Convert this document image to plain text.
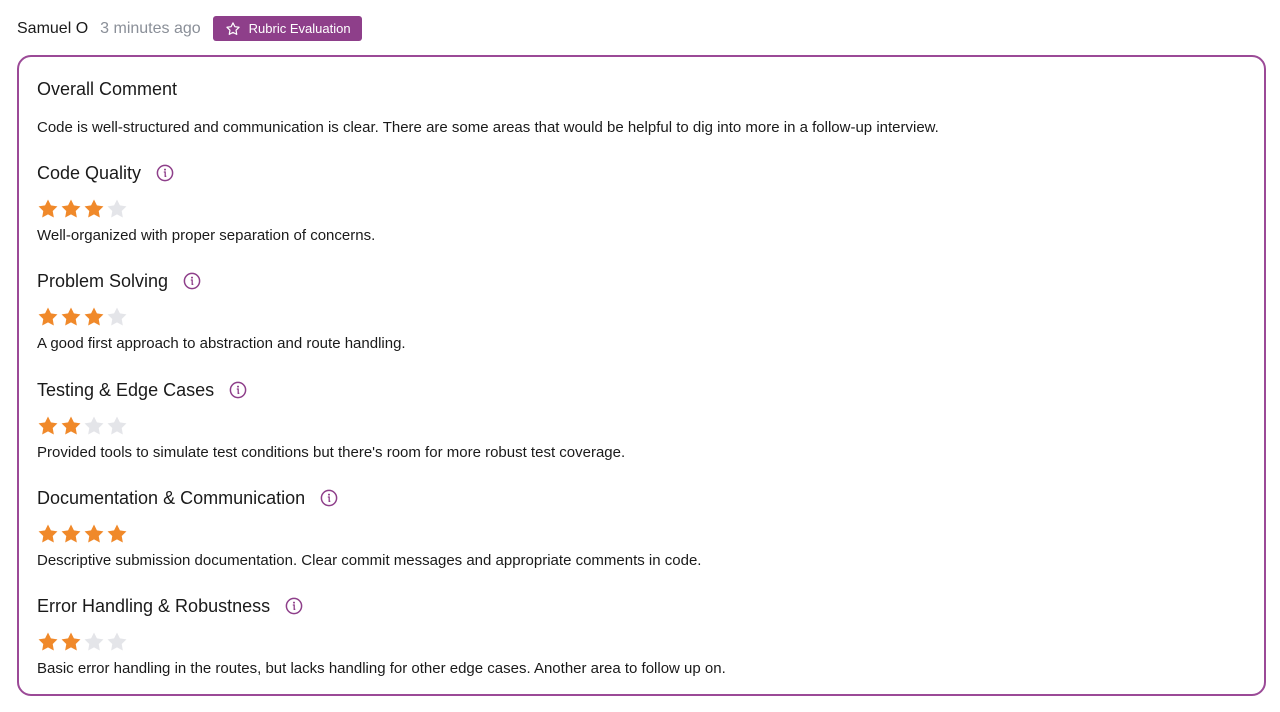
Samuel O 3 minutes ago	Rubric Evaluation
Overall Comment
Code is well-structured and communication is clear. There are some areas that would be helpful to dig into more in a follow-up interview.
Code Quality
Well-organized with proper separation of concerns.
Problem Solving
A good first approach to abstraction and route handling.
Testing & Edge Cases
Provided tools to simulate test conditions but there's room for more robust test coverage.
Documentation & Communication
Descriptive submission documentation. Clear commit messages and appropriate comments in code.
Error Handling & Robustness
Basic error handling in the routes, but lacks handling for other edge cases. Another area to follow up on.
